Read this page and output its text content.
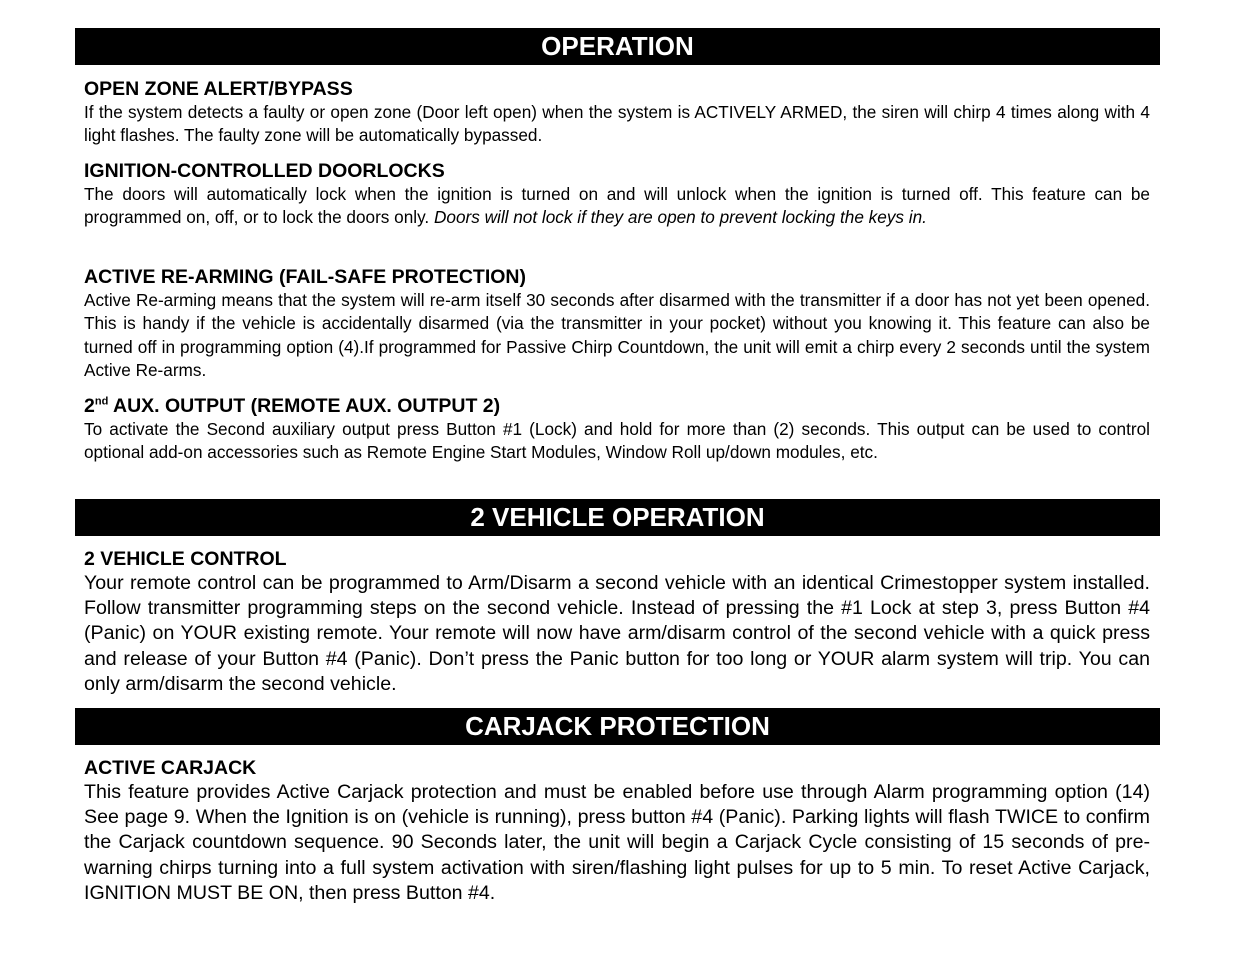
OPERATION

OPEN ZONE ALERT/BYPASS

If the system detects a faulty or open zone (Door left open) when the system is ACTIVELY ARMED, the siren will chirp 4 times along with 4 light flashes. The faulty zone will be automatically bypassed.

IGNITION-CONTROLLED DOORLOCKS

The doors will automatically lock when the ignition is turned on and will unlock when the ignition is turned off. This feature can be programmed on, off, or to lock the doors only. Doors will not lock if they are open to prevent locking the keys in.

ACTIVE RE-ARMING (FAIL-SAFE PROTECTION)

Active Re-arming means that the system will re-arm itself 30 seconds after disarmed with the transmitter if a door has not yet been opened. This is handy if the vehicle is accidentally disarmed (via the transmitter in your pocket) without you knowing it. This feature can also be turned off in programming option (4).If programmed for Passive Chirp Countdown, the unit will emit a chirp every 2 seconds until the system Active Re-arms.

2nd AUX. OUTPUT (REMOTE AUX. OUTPUT 2)

To activate the Second auxiliary output press Button #1 (Lock) and hold for more than (2) seconds. This output can be used to control optional add-on accessories such as Remote Engine Start Modules, Window Roll up/down modules, etc.

2 VEHICLE OPERATION

2 VEHICLE CONTROL

Your remote control can be programmed to Arm/Disarm a second vehicle with an identical Crimestopper system installed. Follow transmitter programming steps on the second vehicle. Instead of pressing the #1 Lock at step 3, press Button #4 (Panic) on YOUR existing remote. Your remote will now have arm/disarm control of the second vehicle with a quick press and release of your Button #4 (Panic). Don’t press the Panic button for too long or YOUR alarm system will trip. You can only arm/disarm the second vehicle.

CARJACK PROTECTION

ACTIVE CARJACK

This feature provides Active Carjack protection and must be enabled before use through Alarm programming option (14) See page 9. When the Ignition is on (vehicle is running), press button #4 (Panic). Parking lights will flash TWICE to confirm the Carjack countdown sequence. 90 Seconds later, the unit will begin a Carjack Cycle consisting of 15 seconds of pre-warning chirps turning into a full system activation with siren/flashing light pulses for up to 5 min. To reset Active Carjack, IGNITION MUST BE ON, then press Button #4.
